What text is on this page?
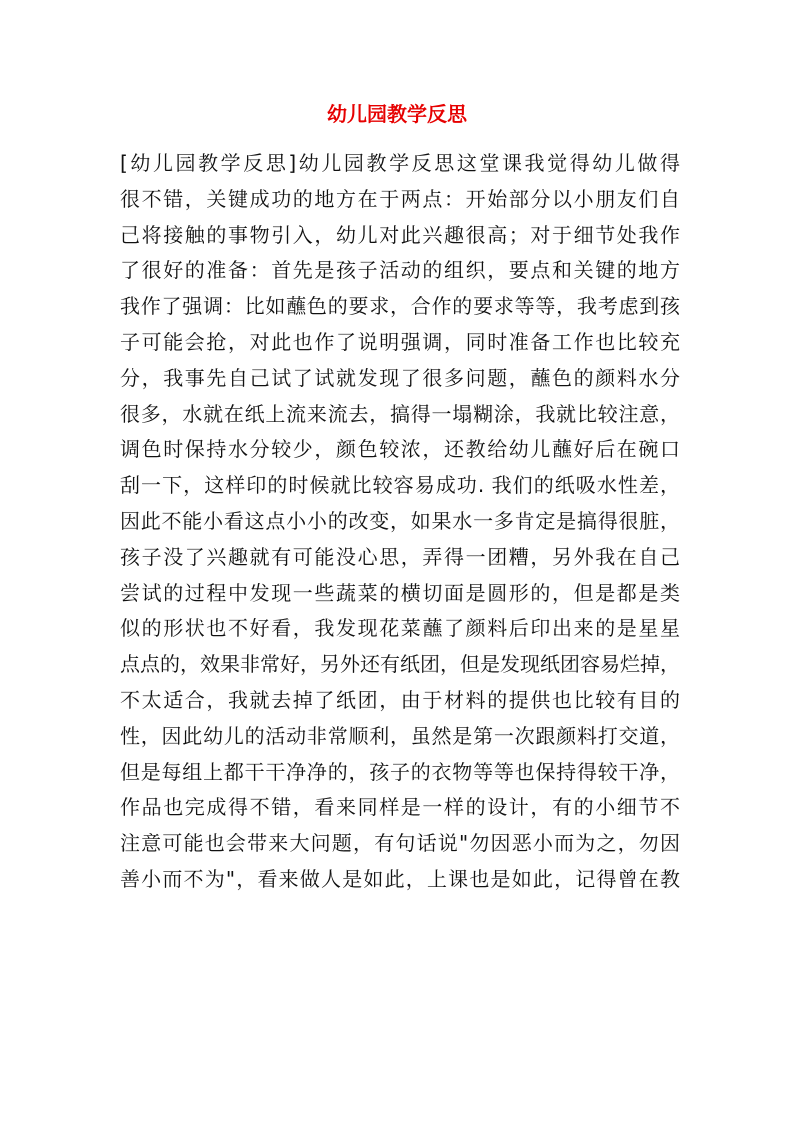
幼儿园教学反思
[幼儿园教学反思]幼儿园教学反思这堂课我觉得幼儿做得
很不错，关键成功的地方在于两点：开始部分以小朋友们自
己将接触的事物引入，幼儿对此兴趣很高；对于细节处我作
了很好的准备：首先是孩子活动的组织，要点和关键的地方
我作了强调：比如蘸色的要求，合作的要求等等，我考虑到孩
子可能会抢，对此也作了说明强调，同时准备工作也比较充
分，我事先自己试了试就发现了很多问题，蘸色的颜料水分
很多，水就在纸上流来流去，搞得一塌糊涂，我就比较注意，
调色时保持水分较少，颜色较浓，还教给幼儿蘸好后在碗口
刮一下，这样印的时候就比较容易成功. 我们的纸吸水性差，
因此不能小看这点小小的改变，如果水一多肯定是搞得很脏，
孩子没了兴趣就有可能没心思，弄得一团糟，另外我在自己
尝试的过程中发现一些蔬菜的横切面是圆形的，但是都是类
似的形状也不好看，我发现花菜蘸了颜料后印出来的是星星
点点的，效果非常好，另外还有纸团，但是发现纸团容易烂掉，
不太适合，我就去掉了纸团，由于材料的提供也比较有目的
性，因此幼儿的活动非常顺利，虽然是第一次跟颜料打交道，
但是每组上都干干净净的，孩子的衣物等等也保持得较干净，
作品也完成得不错，看来同样是一样的设计，有的小细节不
注意可能也会带来大问题，有句话说"勿因恶小而为之，勿因
善小而不为"，看来做人是如此，上课也是如此，记得曾在教
